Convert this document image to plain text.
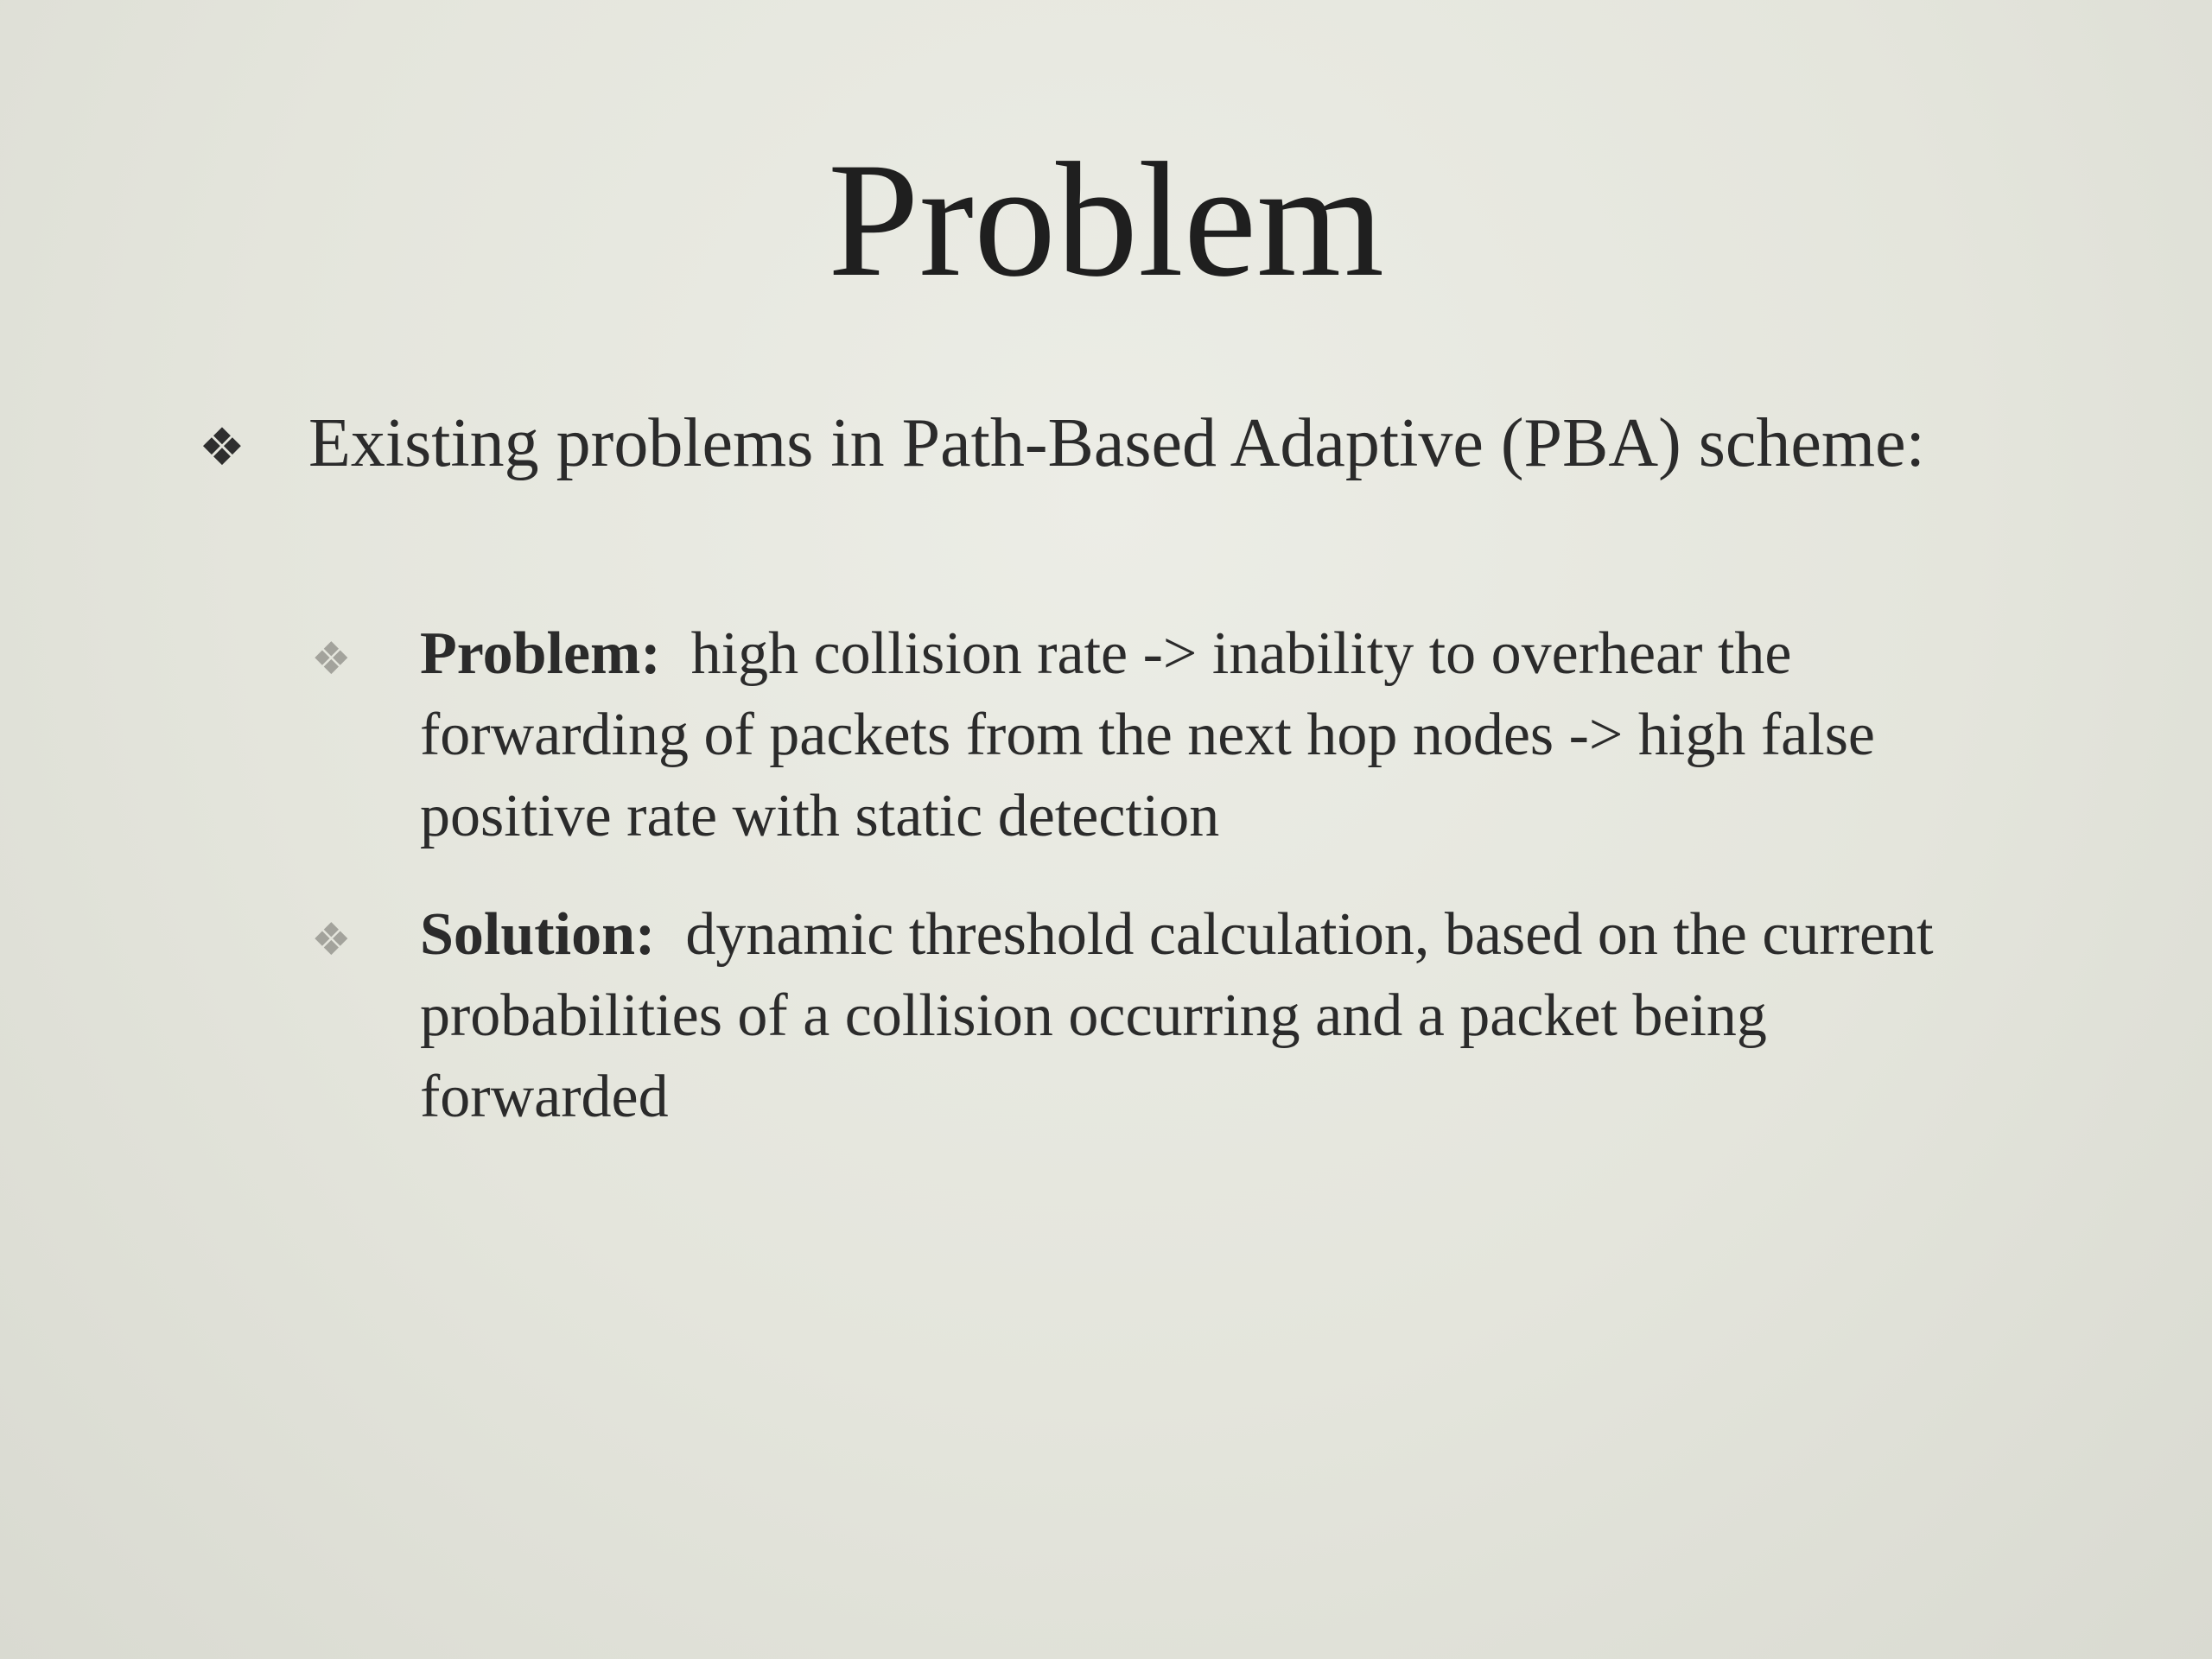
Problem
❖ Existing problems in Path-Based Adaptive (PBA) scheme:
❖ Problem: high collision rate -> inability to overhear the forwarding of packets from the next hop nodes -> high false positive rate with static detection
❖ Solution: dynamic threshold calculation, based on the current probabilities of a collision occurring and a packet being forwarded
